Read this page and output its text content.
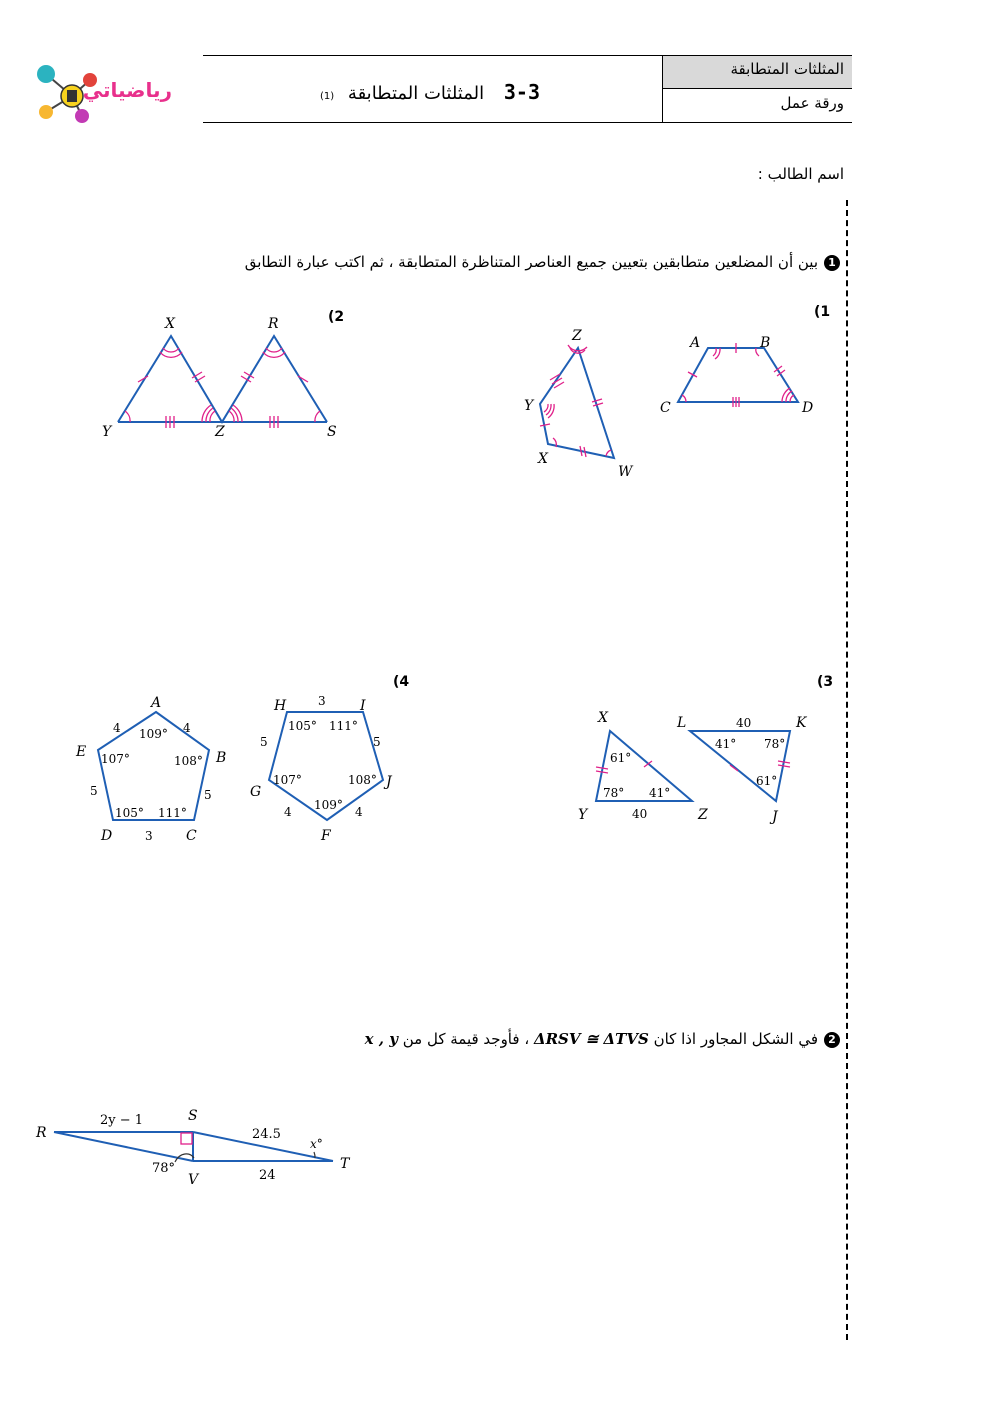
رياضياتي
المثلثات المتطابقة
ورقة عمل
3-3 المثلثات المتطابقة (1)
اسم الطالب :
1بين أن المضلعين متطابقين بتعيين جميع العناصر المتناظرة المتطابقة ، ثم اكتب عبارة التطابق
(1
(2
(3
(4
A	B
C	D
Z
Y
X
W
X	R
Y	Z	S
X
Y	Z
L	K
J
61°
78° 41°
40
40
41° 78°
61°
A
B
C
D
E
H	I
J
F
G
4	4
109°
107°	108°
5	5
105° 111°
3
3
105° 111°
5	5
107°	108°
109°
4	4
2في الشكل المجاور اذا كان ΔRSV ≅ ΔTVS ، فأوجد قيمة كل من x , y
R
S
T
V
2y − 1
24.5
24
78°
x°
